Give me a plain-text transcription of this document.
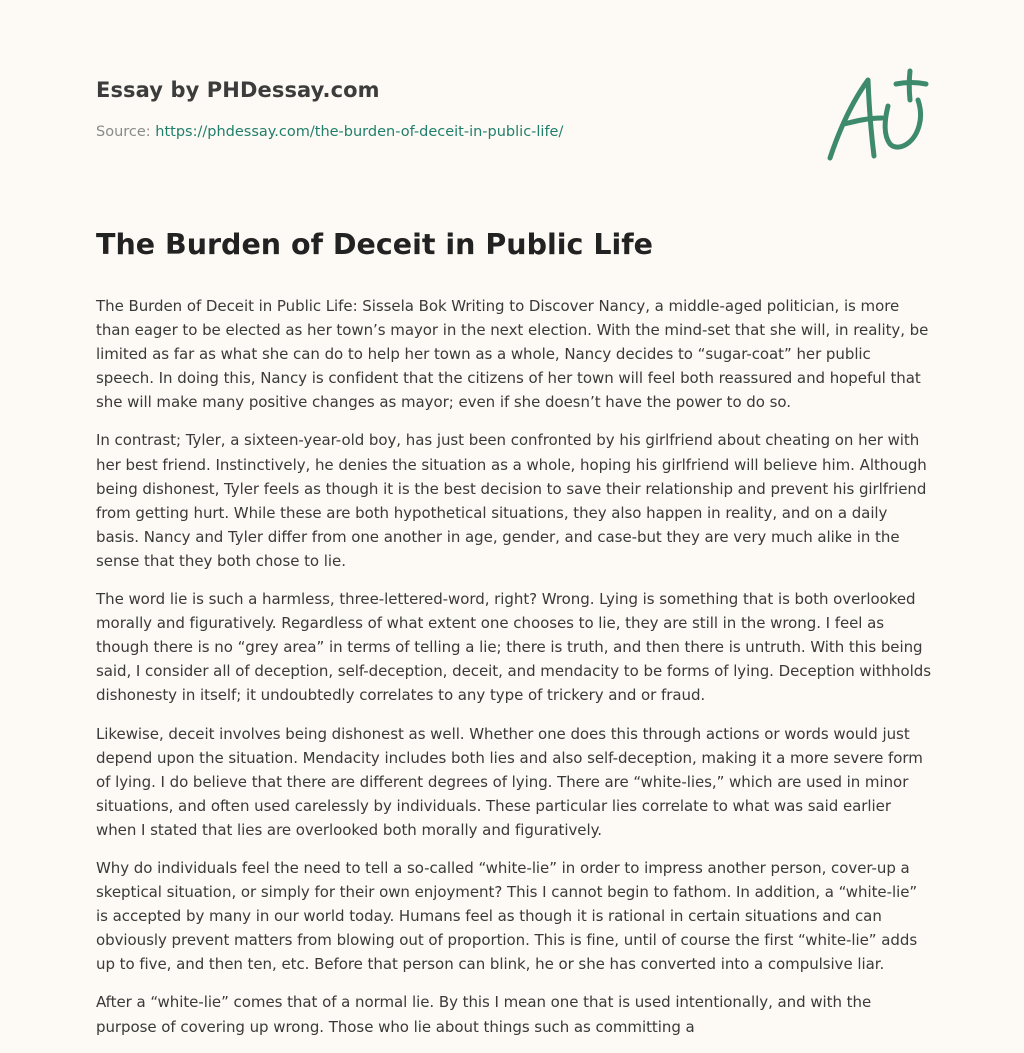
Essay by PHDessay.com
Source: https://phdessay.com/the-burden-of-deceit-in-public-life/
The Burden of Deceit in Public Life

The Burden of Deceit in Public Life: Sissela Bok Writing to Discover Nancy, a middle-aged politician, is more than eager to be elected as her town’s mayor in the next election. With the mind-set that she will, in reality, be limited as far as what she can do to help her town as a whole, Nancy decides to “sugar-coat” her public speech. In doing this, Nancy is confident that the citizens of her town will feel both reassured and hopeful that she will make many positive changes as mayor; even if she doesn’t have the power to do so.

In contrast; Tyler, a sixteen-year-old boy, has just been confronted by his girlfriend about cheating on her with her best friend. Instinctively, he denies the situation as a whole, hoping his girlfriend will believe him. Although being dishonest, Tyler feels as though it is the best decision to save their relationship and prevent his girlfriend from getting hurt. While these are both hypothetical situations, they also happen in reality, and on a daily basis. Nancy and Tyler differ from one another in age, gender, and case-but they are very much alike in the sense that they both chose to lie.

The word lie is such a harmless, three-lettered-word, right? Wrong. Lying is something that is both overlooked morally and figuratively. Regardless of what extent one chooses to lie, they are still in the wrong. I feel as though there is no “grey area” in terms of telling a lie; there is truth, and then there is untruth. With this being said, I consider all of deception, self-deception, deceit, and mendacity to be forms of lying. Deception withholds dishonesty in itself; it undoubtedly correlates to any type of trickery and or fraud.

Likewise, deceit involves being dishonest as well. Whether one does this through actions or words would just depend upon the situation. Mendacity includes both lies and also self-deception, making it a more severe form of lying. I do believe that there are different degrees of lying. There are “white-lies,” which are used in minor situations, and often used carelessly by individuals. These particular lies correlate to what was said earlier when I stated that lies are overlooked both morally and figuratively.

Why do individuals feel the need to tell a so-called “white-lie” in order to impress another person, cover-up a skeptical situation, or simply for their own enjoyment? This I cannot begin to fathom. In addition, a “white-lie” is accepted by many in our world today. Humans feel as though it is rational in certain situations and can obviously prevent matters from blowing out of proportion. This is fine, until of course the first “white-lie” adds up to five, and then ten, etc. Before that person can blink, he or she has converted into a compulsive liar.

After a “white-lie” comes that of a normal lie. By this I mean one that is used intentionally, and with the purpose of covering up wrong. Those who lie about things such as committing a
